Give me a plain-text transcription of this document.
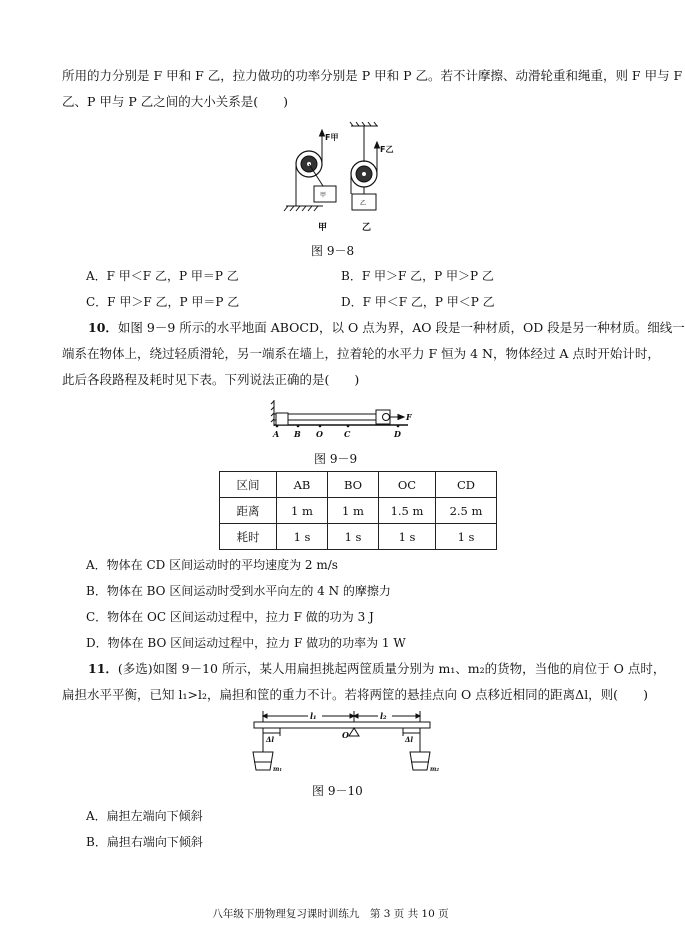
所用的力分别是 F 甲和 F 乙，拉力做功的功率分别是 P 甲和 P 乙。若不计摩擦、动滑轮重和绳重，则 F 甲与 F
乙、P 甲与 P 乙之间的大小关系是(　　)
F甲
甲
甲
F乙
乙
乙
图 9－8
A．F 甲＜F 乙，P 甲＝P 乙	B．F 甲＞F 乙，P 甲＞P 乙
C．F 甲＞F 乙，P 甲＝P 乙	D．F 甲＜F 乙，P 甲＜P 乙
10．如图 9－9 所示的水平地面 ABOCD，以 O 点为界，AO 段是一种材质，OD 段是另一种材质。细线一
端系在物体上，绕过轻质滑轮，另一端系在墙上，拉着轮的水平力 F 恒为 4 N，物体经过 A 点时开始计时，
此后各段路程及耗时见下表。下列说法正确的是(　　)
A B O	C	D
F
图 9－9
区间	AB	BO	OC	CD
距离	1 m	1 m	1.5 m	2.5 m
耗时	1 s	1 s	1 s	1 s
A．物体在 CD 区间运动时的平均速度为 2 m/s
B．物体在 BO 区间运动时受到水平向左的 4 N 的摩擦力
C．物体在 OC 区间运动过程中，拉力 F 做的功为 3 J
D．物体在 BO 区间运动过程中，拉力 F 做功的功率为 1 W
11．(多选)如图 9－10 所示，某人用扁担挑起两筐质量分别为 m₁、m₂的货物，当他的肩位于 O 点时，
扁担水平平衡，已知 l₁>l₂，扁担和筐的重力不计。若将两筐的悬挂点向 O 点移近相同的距离Δl，则(　　)
l₁	l₂
O
Δl	Δl
m₁	m₂
图 9－10
A．扁担左端向下倾斜
B．扁担右端向下倾斜
八年级下册物理复习课时训练九　第 3 页 共 10 页
